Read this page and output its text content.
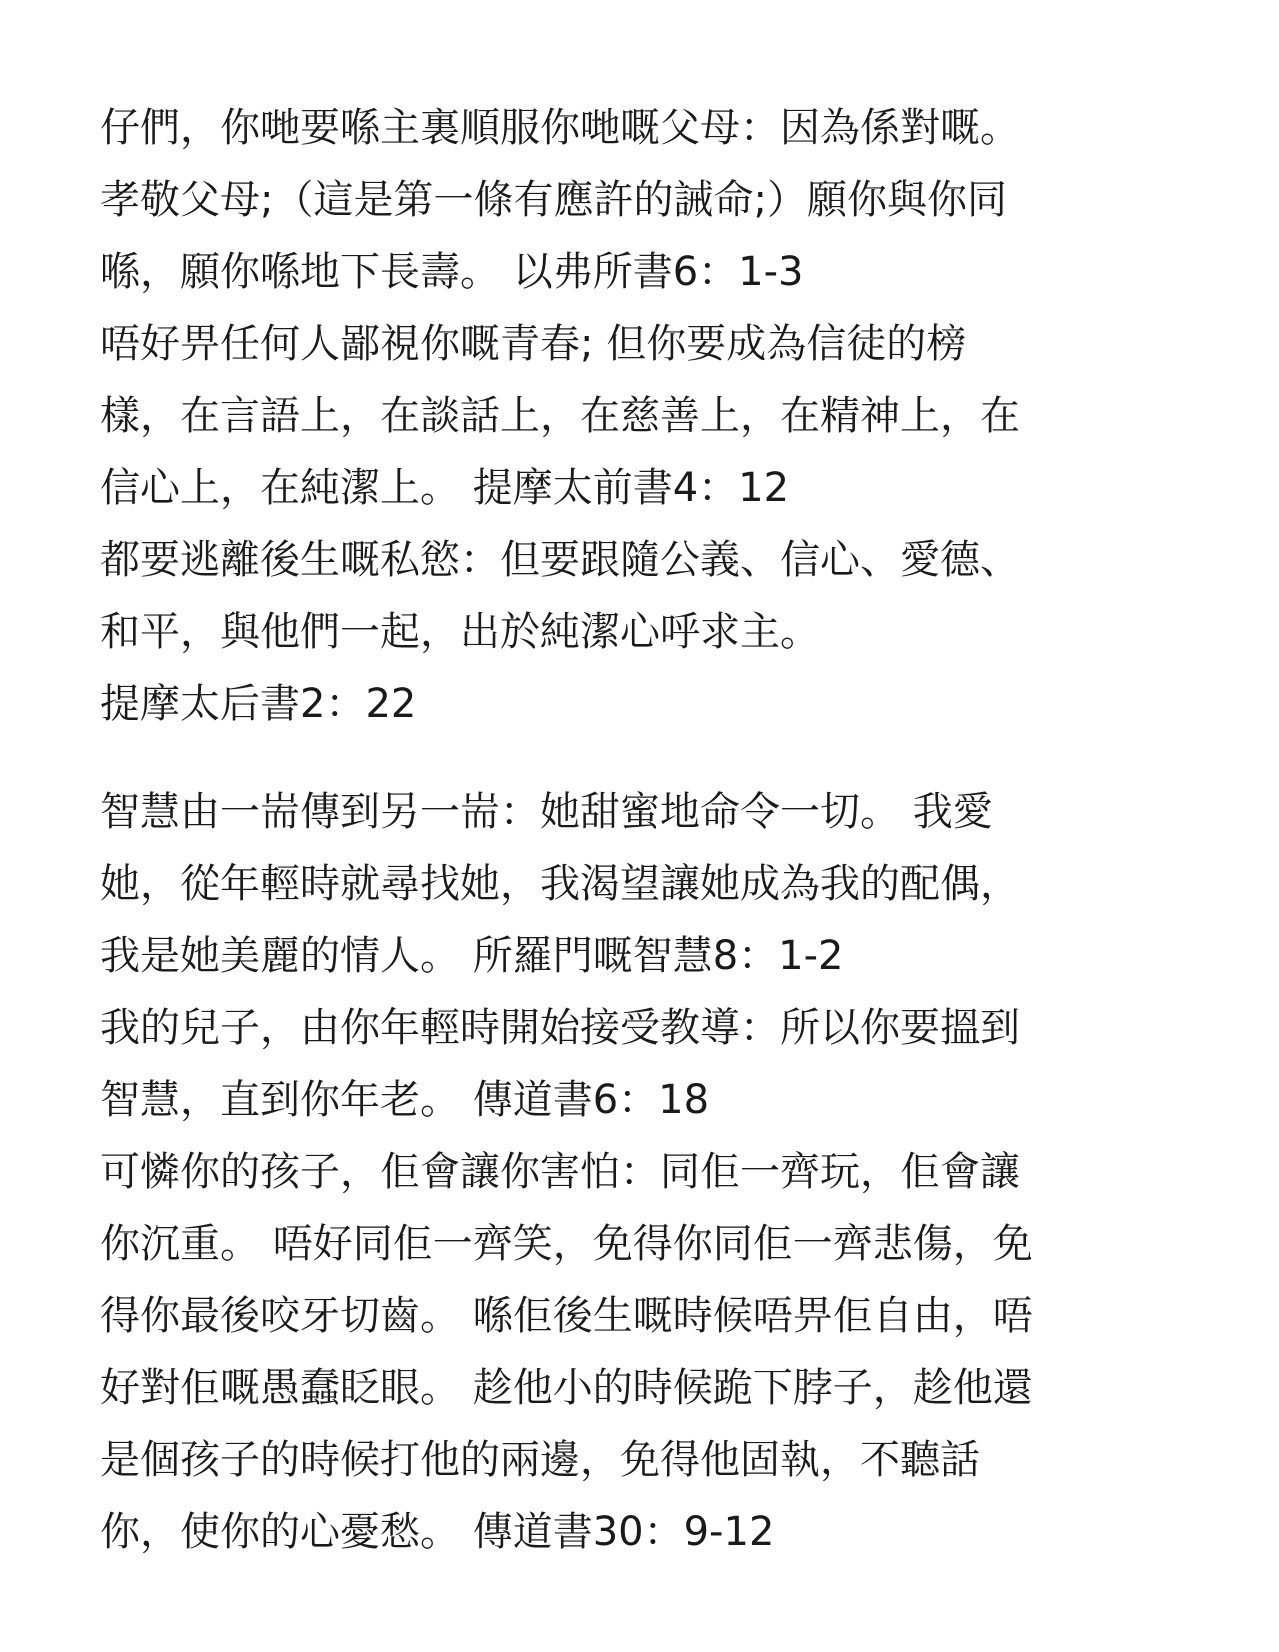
仔們，你哋要喺主裏順服你哋嘅父母：因為係對嘅。
孝敬父母;（這是第一條有應許的誡命;）願你與你同
喺，願你喺地下長壽。 以弗所書6：1-3
唔好畀任何人鄙視你嘅青春; 但你要成為信徒的榜
樣，在言語上，在談話上，在慈善上，在精神上，在
信心上，在純潔上。 提摩太前書4：12
都要逃離後生嘅私慾：但要跟隨公義、信心、愛德、
和平，與他們一起，出於純潔心呼求主。
提摩太后書2：22
智慧由一耑傳到另一耑：她甜蜜地命令一切。 我愛
她，從年輕時就尋找她，我渴望讓她成為我的配偶，
我是她美麗的情人。 所羅門嘅智慧8：1-2
我的兒子，由你年輕時開始接受教導：所以你要搵到
智慧，直到你年老。 傳道書6：18
可憐你的孩子，佢會讓你害怕：同佢一齊玩，佢會讓
你沉重。 唔好同佢一齊笑，免得你同佢一齊悲傷，免
得你最後咬牙切齒。 喺佢後生嘅時候唔畀佢自由，唔
好對佢嘅愚蠢眨眼。 趁他小的時候跪下脖子，趁他還
是個孩子的時候打他的兩邊，免得他固執，不聽話
你，使你的心憂愁。 傳道書30：9-12
